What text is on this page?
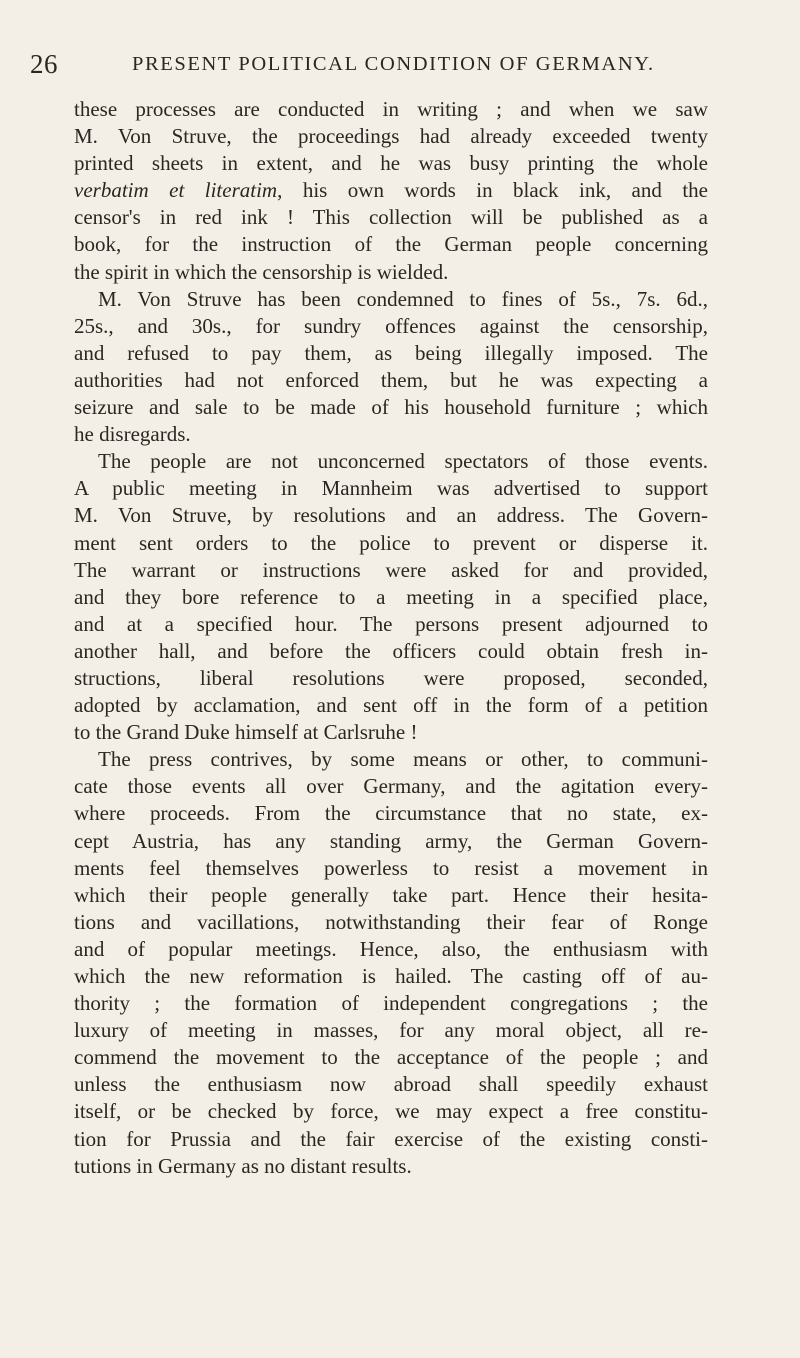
26	PRESENT POLITICAL CONDITION OF GERMANY.
these processes are conducted in writing ; and when we saw
M. Von Struve, the proceedings had already exceeded twenty
printed sheets in extent, and he was busy printing the whole
verbatim et literatim, his own words in black ink, and the
censor's in red ink ! This collection will be published as a
book, for the instruction of the German people concerning
the spirit in which the censorship is wielded.
M. Von Struve has been condemned to fines of 5s., 7s. 6d.,
25s., and 30s., for sundry offences against the censorship,
and refused to pay them, as being illegally imposed. The
authorities had not enforced them, but he was expecting a
seizure and sale to be made of his household furniture ; which
he disregards.
The people are not unconcerned spectators of those events.
A public meeting in Mannheim was advertised to support
M. Von Struve, by resolutions and an address. The Govern-
ment sent orders to the police to prevent or disperse it.
The warrant or instructions were asked for and provided,
and they bore reference to a meeting in a specified place,
and at a specified hour. The persons present adjourned to
another hall, and before the officers could obtain fresh in-
structions, liberal resolutions were proposed, seconded,
adopted by acclamation, and sent off in the form of a petition
to the Grand Duke himself at Carlsruhe !
The press contrives, by some means or other, to communi-
cate those events all over Germany, and the agitation every-
where proceeds. From the circumstance that no state, ex-
cept Austria, has any standing army, the German Govern-
ments feel themselves powerless to resist a movement in
which their people generally take part. Hence their hesita-
tions and vacillations, notwithstanding their fear of Ronge
and of popular meetings. Hence, also, the enthusiasm with
which the new reformation is hailed. The casting off of au-
thority ; the formation of independent congregations ; the
luxury of meeting in masses, for any moral object, all re-
commend the movement to the acceptance of the people ; and
unless the enthusiasm now abroad shall speedily exhaust
itself, or be checked by force, we may expect a free constitu-
tion for Prussia and the fair exercise of the existing consti-
tutions in Germany as no distant results.
